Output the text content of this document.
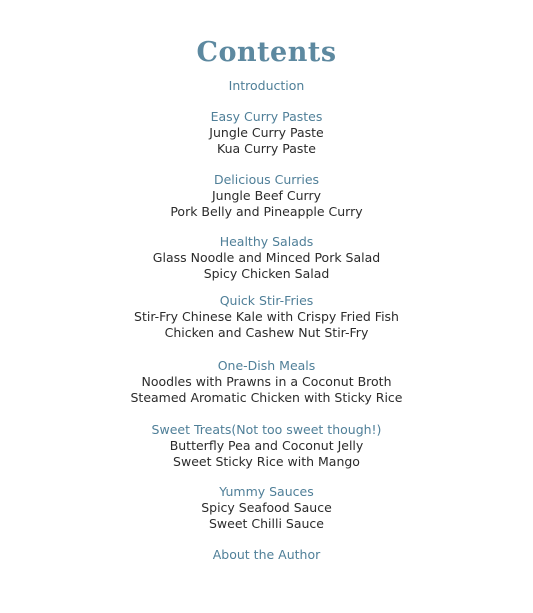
Contents
Introduction
Easy Curry Pastes
Jungle Curry Paste
Kua Curry Paste
Delicious Curries
Jungle Beef Curry
Pork Belly and Pineapple Curry
Healthy Salads
Glass Noodle and Minced Pork Salad
Spicy Chicken Salad
Quick Stir-Fries
Stir-Fry Chinese Kale with Crispy Fried Fish
Chicken and Cashew Nut Stir-Fry
One-Dish Meals
Noodles with Prawns in a Coconut Broth
Steamed Aromatic Chicken with Sticky Rice
Sweet Treats(Not too sweet though!)
Butterfly Pea and Coconut Jelly
Sweet Sticky Rice with Mango
Yummy Sauces
Spicy Seafood Sauce
Sweet Chilli Sauce
About the Author
